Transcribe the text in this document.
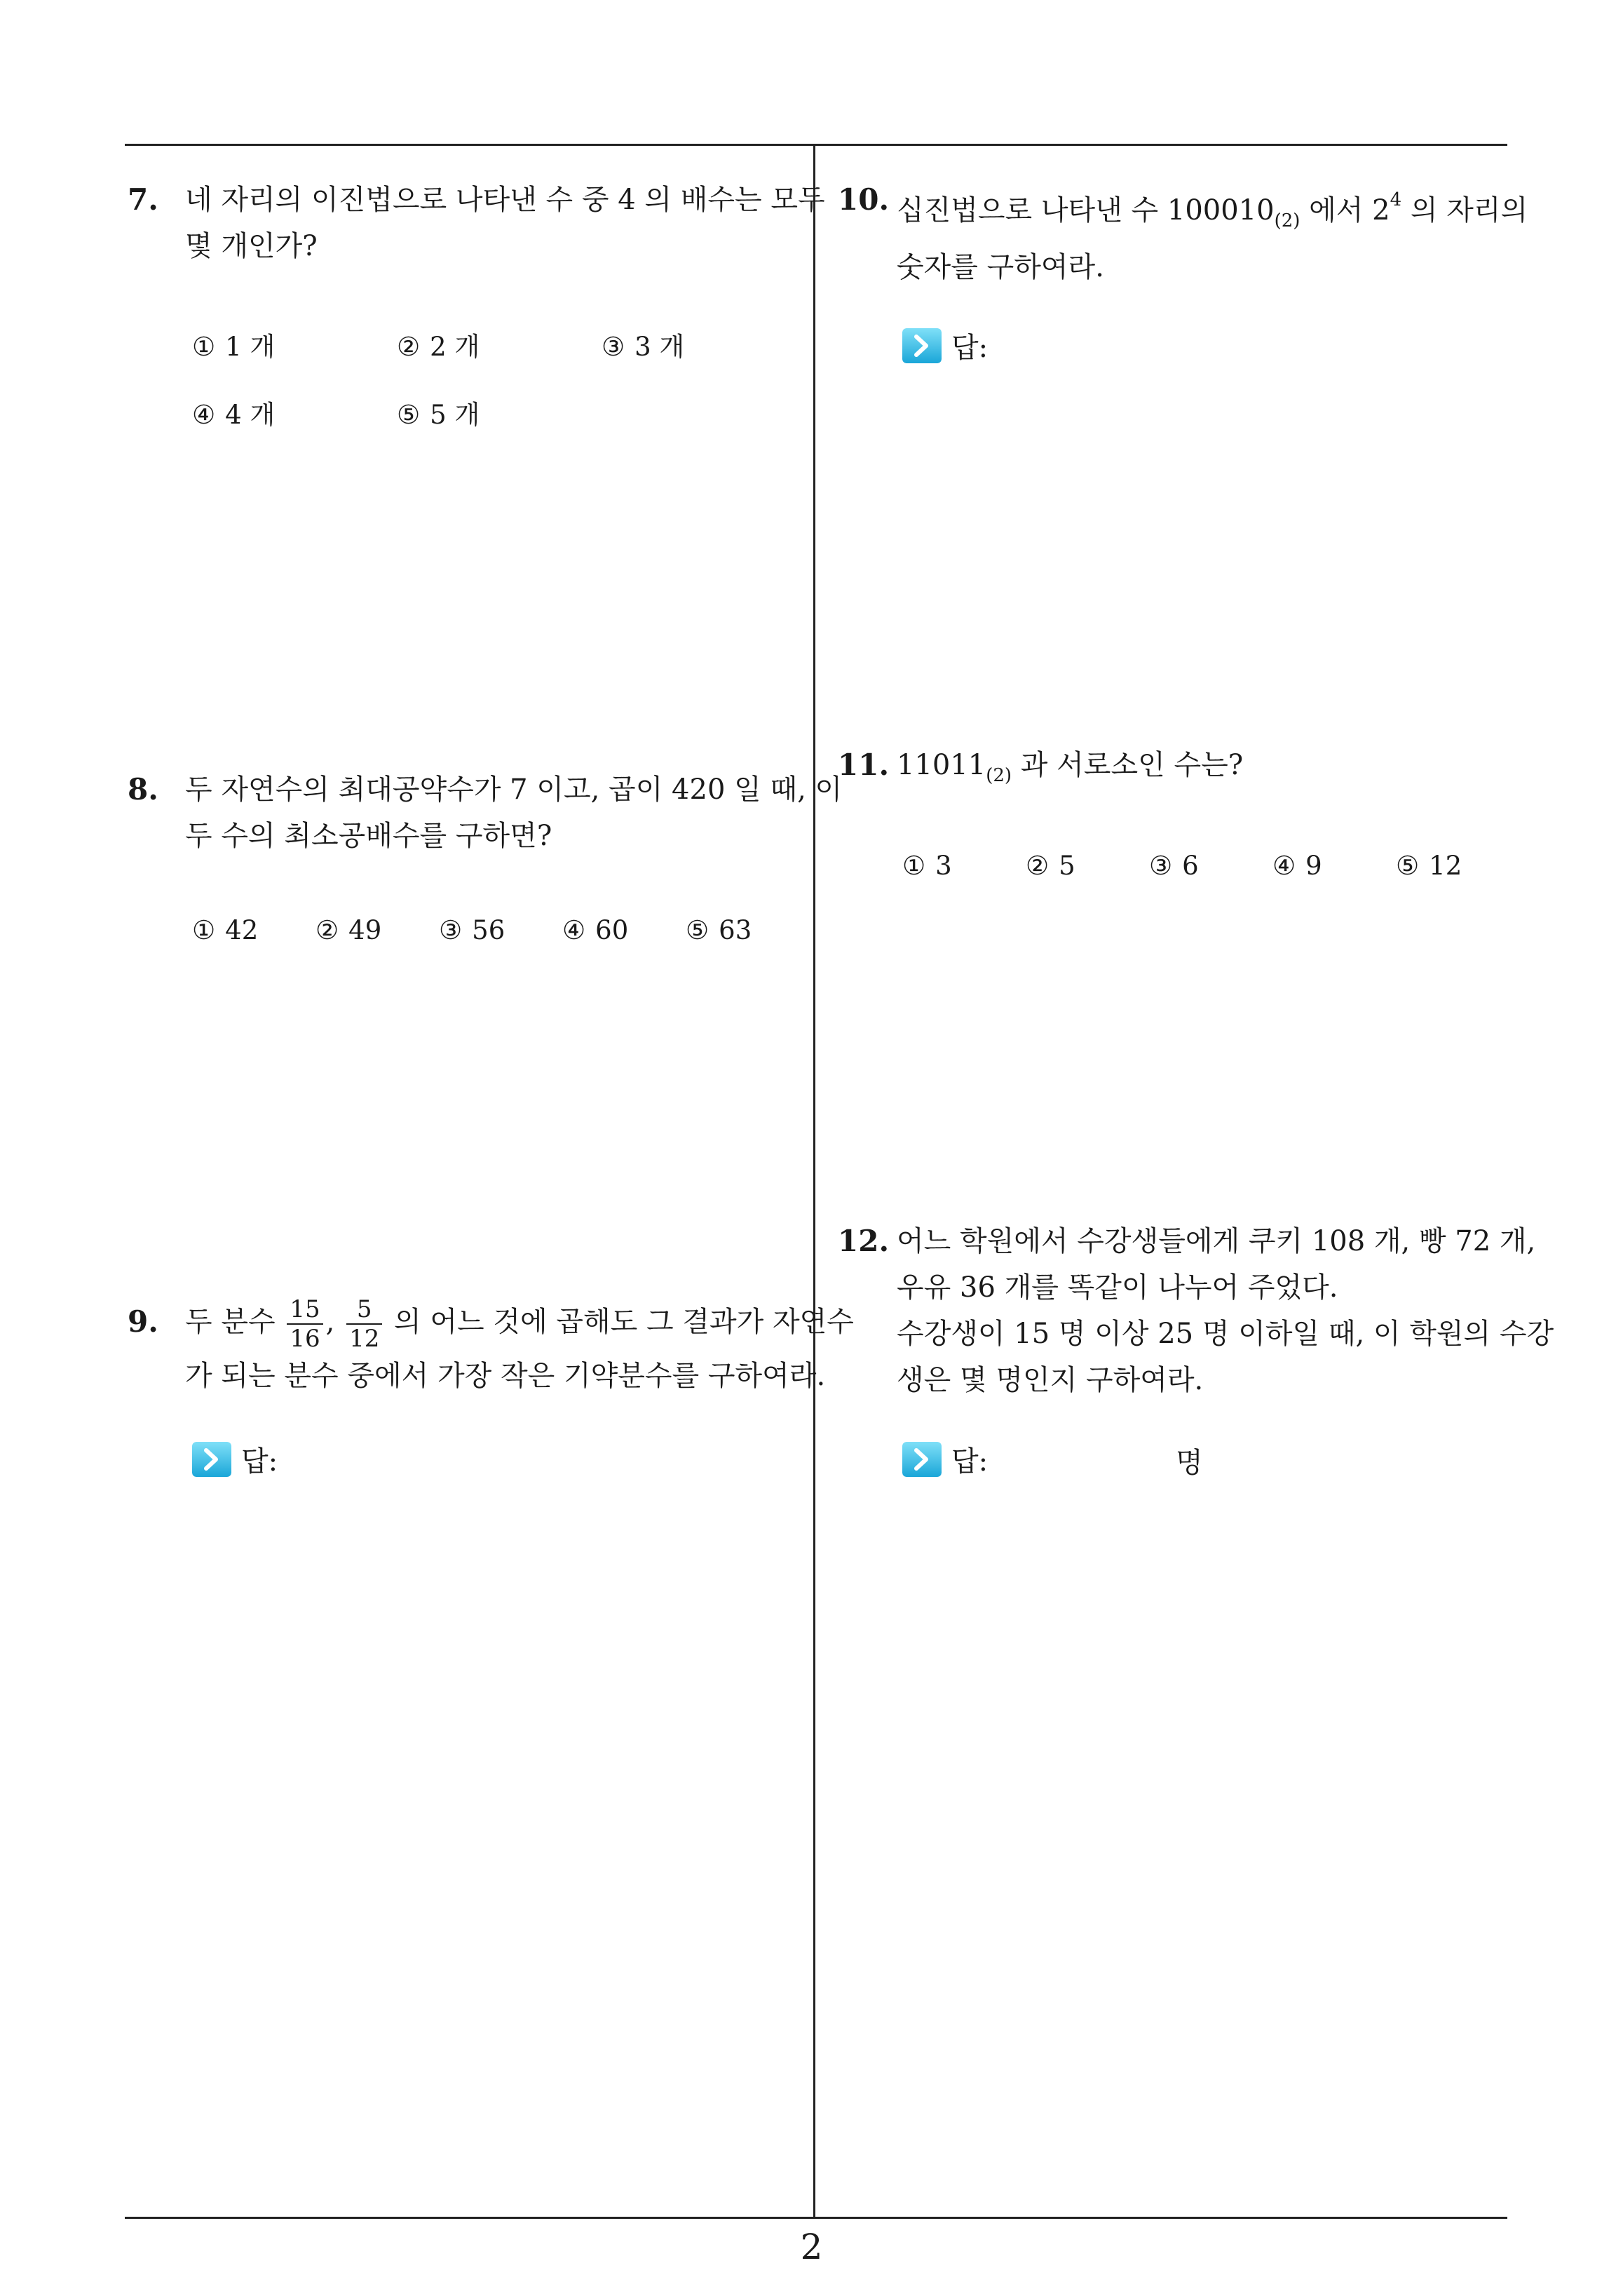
7. 네 자리의 이진법으로 나타낸 수 중 4 의 배수는 모두
몇 개인가?
① 1 개	② 2 개	③ 3 개
④ 4 개	⑤ 5 개
8. 두 자연수의 최대공약수가 7 이고, 곱이 420 일 때, 이
두 수의 최소공배수를 구하면?
① 42 ② 49 ③ 56 ④ 60 ⑤ 63
9. 두 분수 $\frac{15}{16}$ , $\frac{5}{12}$ 의 어느 것에 곱해도 그 결과가 자연수
가 되는 분수 중에서 가장 작은 기약분수를 구하여라.
답:
10. 십진법으로 나타낸 수 $100010_{(2)}$ 에서 $2^4$ 의 자리의
숫자를 구하여라.
답:
11. $11011_{(2)}$ 과 서로소인 수는?
① 3	② 5	③ 6	④ 9	⑤ 12
12. 어느 학원에서 수강생들에게 쿠키 108 개, 빵 72 개,
우유 36 개를 똑같이 나누어 주었다.
수강생이 15 명 이상 25 명 이하일 때, 이 학원의 수강
생은 몇 명인지 구하여라.
답:	명
2
